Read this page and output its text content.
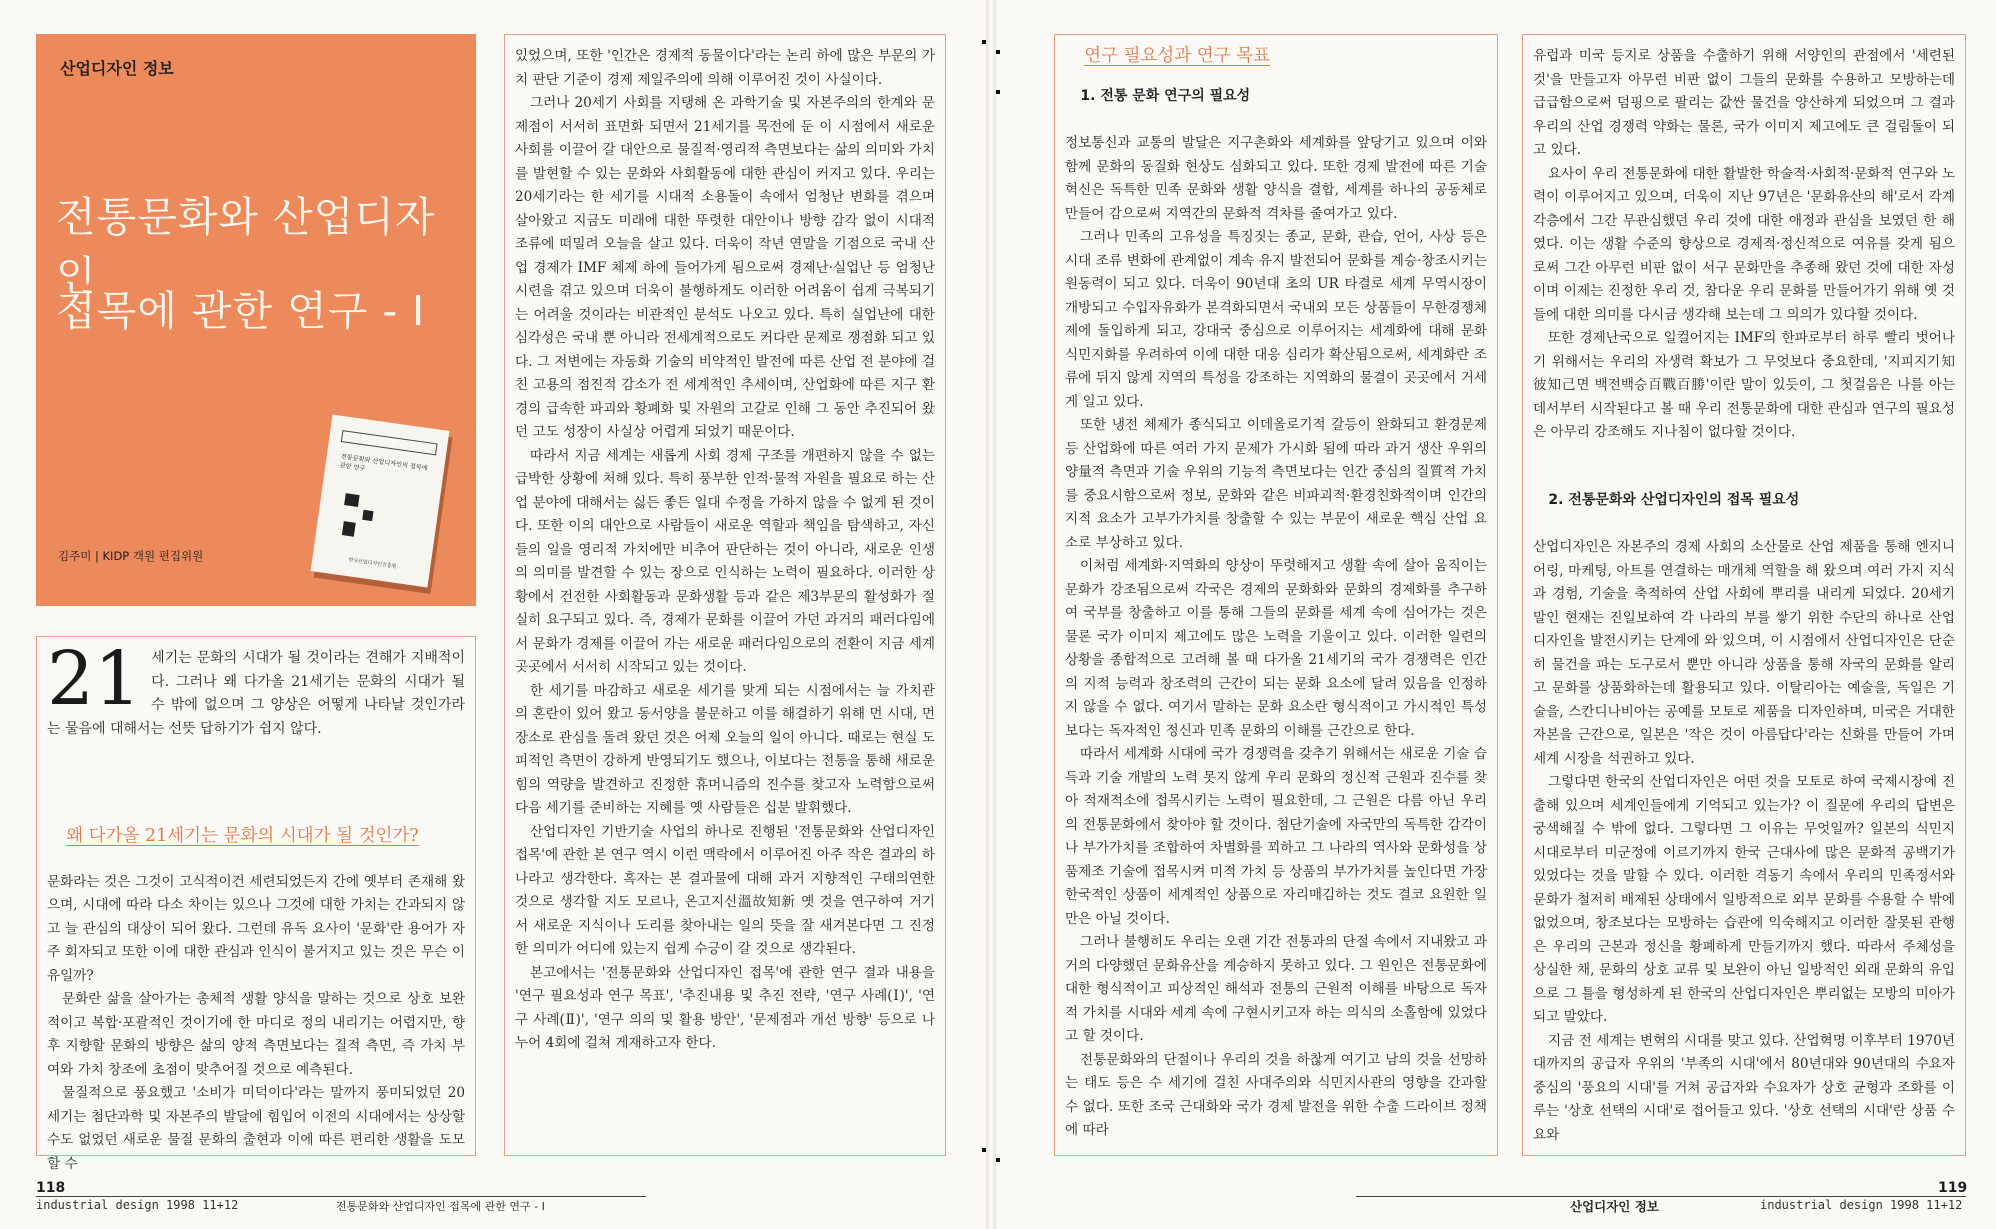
산업디자인 정보
전통문화와 산업디자인
접목에 관한 연구 - Ⅰ
KIDP
전통문화와 산업디자인의 접목에 관한 연구
한국산업디자인진흥원
김주미 | KIDP 객원 편집위원
21 세기는 문화의 시대가 될 것이라는 견해가 지배적이다. 그러나 왜 다가올 21세기는 문화의 시대가 될 수 밖에 없으며 그 양상은 어떻게 나타날 것인가라는 물음에 대해서는 선뜻 답하기가 쉽지 않다.

왜 다가올 21세기는 문화의 시대가 될 것인가?

문화라는 것은 그것이 고식적이건 세련되었든지 간에 옛부터 존재해 왔으며, 시대에 따라 다소 차이는 있으나 그것에 대한 가치는 간과되지 않고 늘 관심의 대상이 되어 왔다. 그런데 유독 요사이 '문화'란 용어가 자주 회자되고 또한 이에 대한 관심과 인식이 불거지고 있는 것은 무슨 이유일까?

문화란 삶을 살아가는 총체적 생활 양식을 말하는 것으로 상호 보완적이고 복합·포괄적인 것이기에 한 마디로 정의 내리기는 어렵지만, 향후 지향할 문화의 방향은 삶의 양적 측면보다는 질적 측면, 즉 가치 부여와 가치 창조에 초점이 맞추어질 것으로 예측된다.

물질적으로 풍요했고 '소비가 미덕이다'라는 말까지 풍미되었던 20세기는 첨단과학 및 자본주의 발달에 힘입어 이전의 시대에서는 상상할 수도 없었던 새로운 물질 문화의 출현과 이에 따른 편리한 생활을 도모할 수

있었으며, 또한 '인간은 경제적 동물이다'라는 논리 하에 많은 부문의 가치 판단 기준이 경제 제일주의에 의해 이루어진 것이 사실이다.

그러나 20세기 사회를 지탱해 온 과학기술 및 자본주의의 한계와 문제점이 서서히 표면화 되면서 21세기를 목전에 둔 이 시점에서 새로운 사회를 이끌어 갈 대안으로 물질적·영리적 측면보다는 삶의 의미와 가치를 발현할 수 있는 문화와 사회활동에 대한 관심이 커지고 있다. 우리는 20세기라는 한 세기를 시대적 소용돌이 속에서 엄청난 변화를 겪으며 살아왔고 지금도 미래에 대한 뚜렷한 대안이나 방향 감각 없이 시대적 조류에 떠밀려 오늘을 살고 있다. 더욱이 작년 연말을 기점으로 국내 산업 경제가 IMF 체제 하에 들어가게 됨으로써 경제난·실업난 등 엄청난 시련을 겪고 있으며 더욱이 불행하게도 이러한 어려움이 쉽게 극복되기는 어려울 것이라는 비관적인 분석도 나오고 있다. 특히 실업난에 대한 심각성은 국내 뿐 아니라 전세계적으로도 커다란 문제로 쟁점화 되고 있다. 그 저변에는 자동화 기술의 비약적인 발전에 따른 산업 전 분야에 걸친 고용의 점진적 감소가 전 세계적인 추세이며, 산업화에 따른 지구 환경의 급속한 파괴와 황폐화 및 자원의 고갈로 인해 그 동안 추진되어 왔던 고도 성장이 사실상 어렵게 되었기 때문이다.

따라서 지금 세계는 새롭게 사회 경제 구조를 개편하지 않을 수 없는 급박한 상황에 처해 있다. 특히 풍부한 인적·물적 자원을 필요로 하는 산업 분야에 대해서는 싫든 좋든 일대 수정을 가하지 않을 수 없게 된 것이다. 또한 이의 대안으로 사람들이 새로운 역할과 책임을 탐색하고, 자신들의 일을 영리적 가치에만 비추어 판단하는 것이 아니라, 새로운 인생의 의미를 발견할 수 있는 장으로 인식하는 노력이 필요하다. 이러한 상황에서 건전한 사회활동과 문화생활 등과 같은 제3부문의 활성화가 절실히 요구되고 있다. 즉, 경제가 문화를 이끌어 가던 과거의 패러다임에서 문화가 경제를 이끌어 가는 새로운 패러다임으로의 전환이 지금 세계 곳곳에서 서서히 시작되고 있는 것이다.

한 세기를 마감하고 새로운 세기를 맞게 되는 시점에서는 늘 가치관의 혼란이 있어 왔고 동서양을 불문하고 이를 해결하기 위해 먼 시대, 먼 장소로 관심을 돌려 왔던 것은 어제 오늘의 일이 아니다. 때로는 현실 도피적인 측면이 강하게 반영되기도 했으나, 이보다는 전통을 통해 새로운 힘의 역량을 발견하고 진정한 휴머니즘의 진수를 찾고자 노력함으로써 다음 세기를 준비하는 지혜를 옛 사람들은 십분 발휘했다.

산업디자인 기반기술 사업의 하나로 진행된 '전통문화와 산업디자인 접목'에 관한 본 연구 역시 이런 맥락에서 이루어진 아주 작은 결과의 하나라고 생각한다. 혹자는 본 결과물에 대해 과거 지향적인 구태의연한 것으로 생각할 지도 모르나, 온고지신溫故知新 옛 것을 연구하여 거기서 새로운 지식이나 도리를 찾아내는 일의 뜻을 잘 새겨본다면 그 진정한 의미가 어디에 있는지 쉽게 수긍이 갈 것으로 생각된다.

본고에서는 '전통문화와 산업디자인 접목'에 관한 연구 결과 내용을 '연구 필요성과 연구 목표', '추진내용 및 추진 전략, '연구 사례(Ⅰ)', '연구 사례(Ⅱ)', '연구 의의 및 활용 방안', '문제점과 개선 방향' 등으로 나누어 4회에 걸쳐 게재하고자 한다.

118
industrial design 1998 11+12	전통문화와 산업디자인 접목에 관한 연구 - Ⅰ

연구 필요성과 연구 목표

1. 전통 문화 연구의 필요성

정보통신과 교통의 발달은 지구촌화와 세계화를 앞당기고 있으며 이와 함께 문화의 동질화 현상도 심화되고 있다. 또한 경제 발전에 따른 기술혁신은 독특한 민족 문화와 생활 양식을 결합, 세계를 하나의 공동체로 만들어 감으로써 지역간의 문화적 격차를 줄여가고 있다.

그러나 민족의 고유성을 특징짓는 종교, 문화, 관습, 언어, 사상 등은 시대 조류 변화에 관계없이 계속 유지 발전되어 문화를 계승·창조시키는 원동력이 되고 있다. 더욱이 90년대 초의 UR 타결로 세계 무역시장이 개방되고 수입자유화가 본격화되면서 국내외 모든 상품들이 무한경쟁체제에 돌입하게 되고, 강대국 중심으로 이루어지는 세계화에 대해 문화 식민지화를 우려하여 이에 대한 대응 심리가 확산됨으로써, 세계화란 조류에 뒤지 않게 지역의 특성을 강조하는 지역화의 물결이 곳곳에서 거세게 일고 있다.

또한 냉전 체제가 종식되고 이데올로기적 갈등이 완화되고 환경문제 등 산업화에 따른 여러 가지 문제가 가시화 됨에 따라 과거 생산 우위의 양量적 측면과 기술 우위의 기능적 측면보다는 인간 중심의 질質적 가치를 중요시함으로써 정보, 문화와 같은 비파괴적·환경친화적이며 인간의 지적 요소가 고부가가치를 창출할 수 있는 부문이 새로운 핵심 산업 요소로 부상하고 있다.

이처럼 세계화·지역화의 양상이 뚜렷해지고 생활 속에 살아 움직이는 문화가 강조됨으로써 각국은 경제의 문화화와 문화의 경제화를 추구하여 국부를 창출하고 이를 통해 그들의 문화를 세계 속에 심어가는 것은 물론 국가 이미지 제고에도 많은 노력을 기울이고 있다. 이러한 일련의 상황을 종합적으로 고려해 볼 때 다가올 21세기의 국가 경쟁력은 인간의 지적 능력과 창조력의 근간이 되는 문화 요소에 달려 있음을 인정하지 않을 수 없다. 여기서 말하는 문화 요소란 형식적이고 가시적인 특성보다는 독자적인 정신과 민족 문화의 이해를 근간으로 한다.

따라서 세계화 시대에 국가 경쟁력을 갖추기 위해서는 새로운 기술 습득과 기술 개발의 노력 못지 않게 우리 문화의 정신적 근원과 진수를 찾아 적재적소에 접목시키는 노력이 필요한데, 그 근원은 다름 아닌 우리의 전통문화에서 찾아야 할 것이다. 첨단기술에 자국만의 독특한 감각이나 부가가치를 조합하여 차별화를 꾀하고 그 나라의 역사와 문화성을 상품제조 기술에 접목시켜 미적 가치 등 상품의 부가가치를 높인다면 가장 한국적인 상품이 세계적인 상품으로 자리매김하는 것도 결코 요원한 일만은 아닐 것이다.

그러나 불행히도 우리는 오랜 기간 전통과의 단절 속에서 지내왔고 과거의 다양했던 문화유산을 계승하지 못하고 있다. 그 원인은 전통문화에 대한 형식적이고 피상적인 해석과 전통의 근원적 이해를 바탕으로 독자적 가치를 시대와 세계 속에 구현시키고자 하는 의식의 소홀함에 있었다고 할 것이다.

전통문화와의 단절이나 우리의 것을 하찮게 여기고 남의 것을 선망하는 태도 등은 수 세기에 걸친 사대주의와 식민지사관의 영향을 간과할 수 없다. 또한 조국 근대화와 국가 경제 발전을 위한 수출 드라이브 정책에 따라

유럽과 미국 등지로 상품을 수출하기 위해 서양인의 관점에서 '세련된 것'을 만들고자 아무런 비판 없이 그들의 문화를 수용하고 모방하는데 급급함으로써 덤핑으로 팔리는 값싼 물건을 양산하게 되었으며 그 결과 우리의 산업 경쟁력 약화는 물론, 국가 이미지 제고에도 큰 걸림돌이 되고 있다.

요사이 우리 전통문화에 대한 활발한 학술적·사회적·문화적 연구와 노력이 이루어지고 있으며, 더욱이 지난 97년은 '문화유산의 해'로서 각계 각층에서 그간 무관심했던 우리 것에 대한 애정과 관심을 보였던 한 해였다. 이는 생활 수준의 향상으로 경제적·정신적으로 여유를 갖게 됨으로써 그간 아무런 비판 없이 서구 문화만을 추종해 왔던 것에 대한 자성이며 이제는 진정한 우리 것, 참다운 우리 문화를 만들어가기 위해 옛 것들에 대한 의미를 다시금 생각해 보는데 그 의의가 있다할 것이다.

또한 경제난국으로 일컬어지는 IMF의 한파로부터 하루 빨리 벗어나기 위해서는 우리의 자생력 확보가 그 무엇보다 중요한데, '지피지기知彼知己면 백전백승百戰百勝'이란 말이 있듯이, 그 첫걸음은 나를 아는 데서부터 시작된다고 볼 때 우리 전통문화에 대한 관심과 연구의 필요성은 아무리 강조해도 지나침이 없다할 것이다.

2. 전통문화와 산업디자인의 접목 필요성

산업디자인은 자본주의 경제 사회의 소산물로 산업 제품을 통해 엔지니어링, 마케팅, 아트를 연결하는 매개체 역할을 해 왔으며 여러 가지 지식과 경험, 기술을 축적하여 산업 사회에 뿌리를 내리게 되었다. 20세기 말인 현재는 진일보하여 각 나라의 부를 쌓기 위한 수단의 하나로 산업디자인을 발전시키는 단계에 와 있으며, 이 시점에서 산업디자인은 단순히 물건을 파는 도구로서 뿐만 아니라 상품을 통해 자국의 문화를 알리고 문화를 상품화하는데 활용되고 있다. 이탈리아는 예술을, 독일은 기술을, 스칸디나비아는 공예를 모토로 제품을 디자인하며, 미국은 거대한 자본을 근간으로, 일본은 '작은 것이 아름답다'라는 신화를 만들어 가며 세계 시장을 석권하고 있다.

그렇다면 한국의 산업디자인은 어떤 것을 모토로 하여 국제시장에 진출해 있으며 세계인들에게 기억되고 있는가? 이 질문에 우리의 답변은 궁색해질 수 밖에 없다. 그렇다면 그 이유는 무엇일까? 일본의 식민지 시대로부터 미군정에 이르기까지 한국 근대사에 많은 문화적 공백기가 있었다는 것을 말할 수 있다. 이러한 격동기 속에서 우리의 민족정서와 문화가 철저히 배제된 상태에서 일방적으로 외부 문화를 수용할 수 밖에 없었으며, 창조보다는 모방하는 습관에 익숙해지고 이러한 잘못된 관행은 우리의 근본과 정신을 황폐하게 만들기까지 했다. 따라서 주체성을 상실한 채, 문화의 상호 교류 및 보완이 아닌 일방적인 외래 문화의 유입으로 그 틀을 형성하게 된 한국의 산업디자인은 뿌리없는 모방의 미아가 되고 말았다.

지금 전 세계는 변혁의 시대를 맞고 있다. 산업혁명 이후부터 1970년대까지의 공급자 우위의 '부족의 시대'에서 80년대와 90년대의 수요자 중심의 '풍요의 시대'를 거쳐 공급자와 수요자가 상호 균형과 조화를 이루는 '상호 선택의 시대'로 접어들고 있다. '상호 선택의 시대'란 상품 수요와

119
산업디자인 정보	industrial design 1998 11+12
